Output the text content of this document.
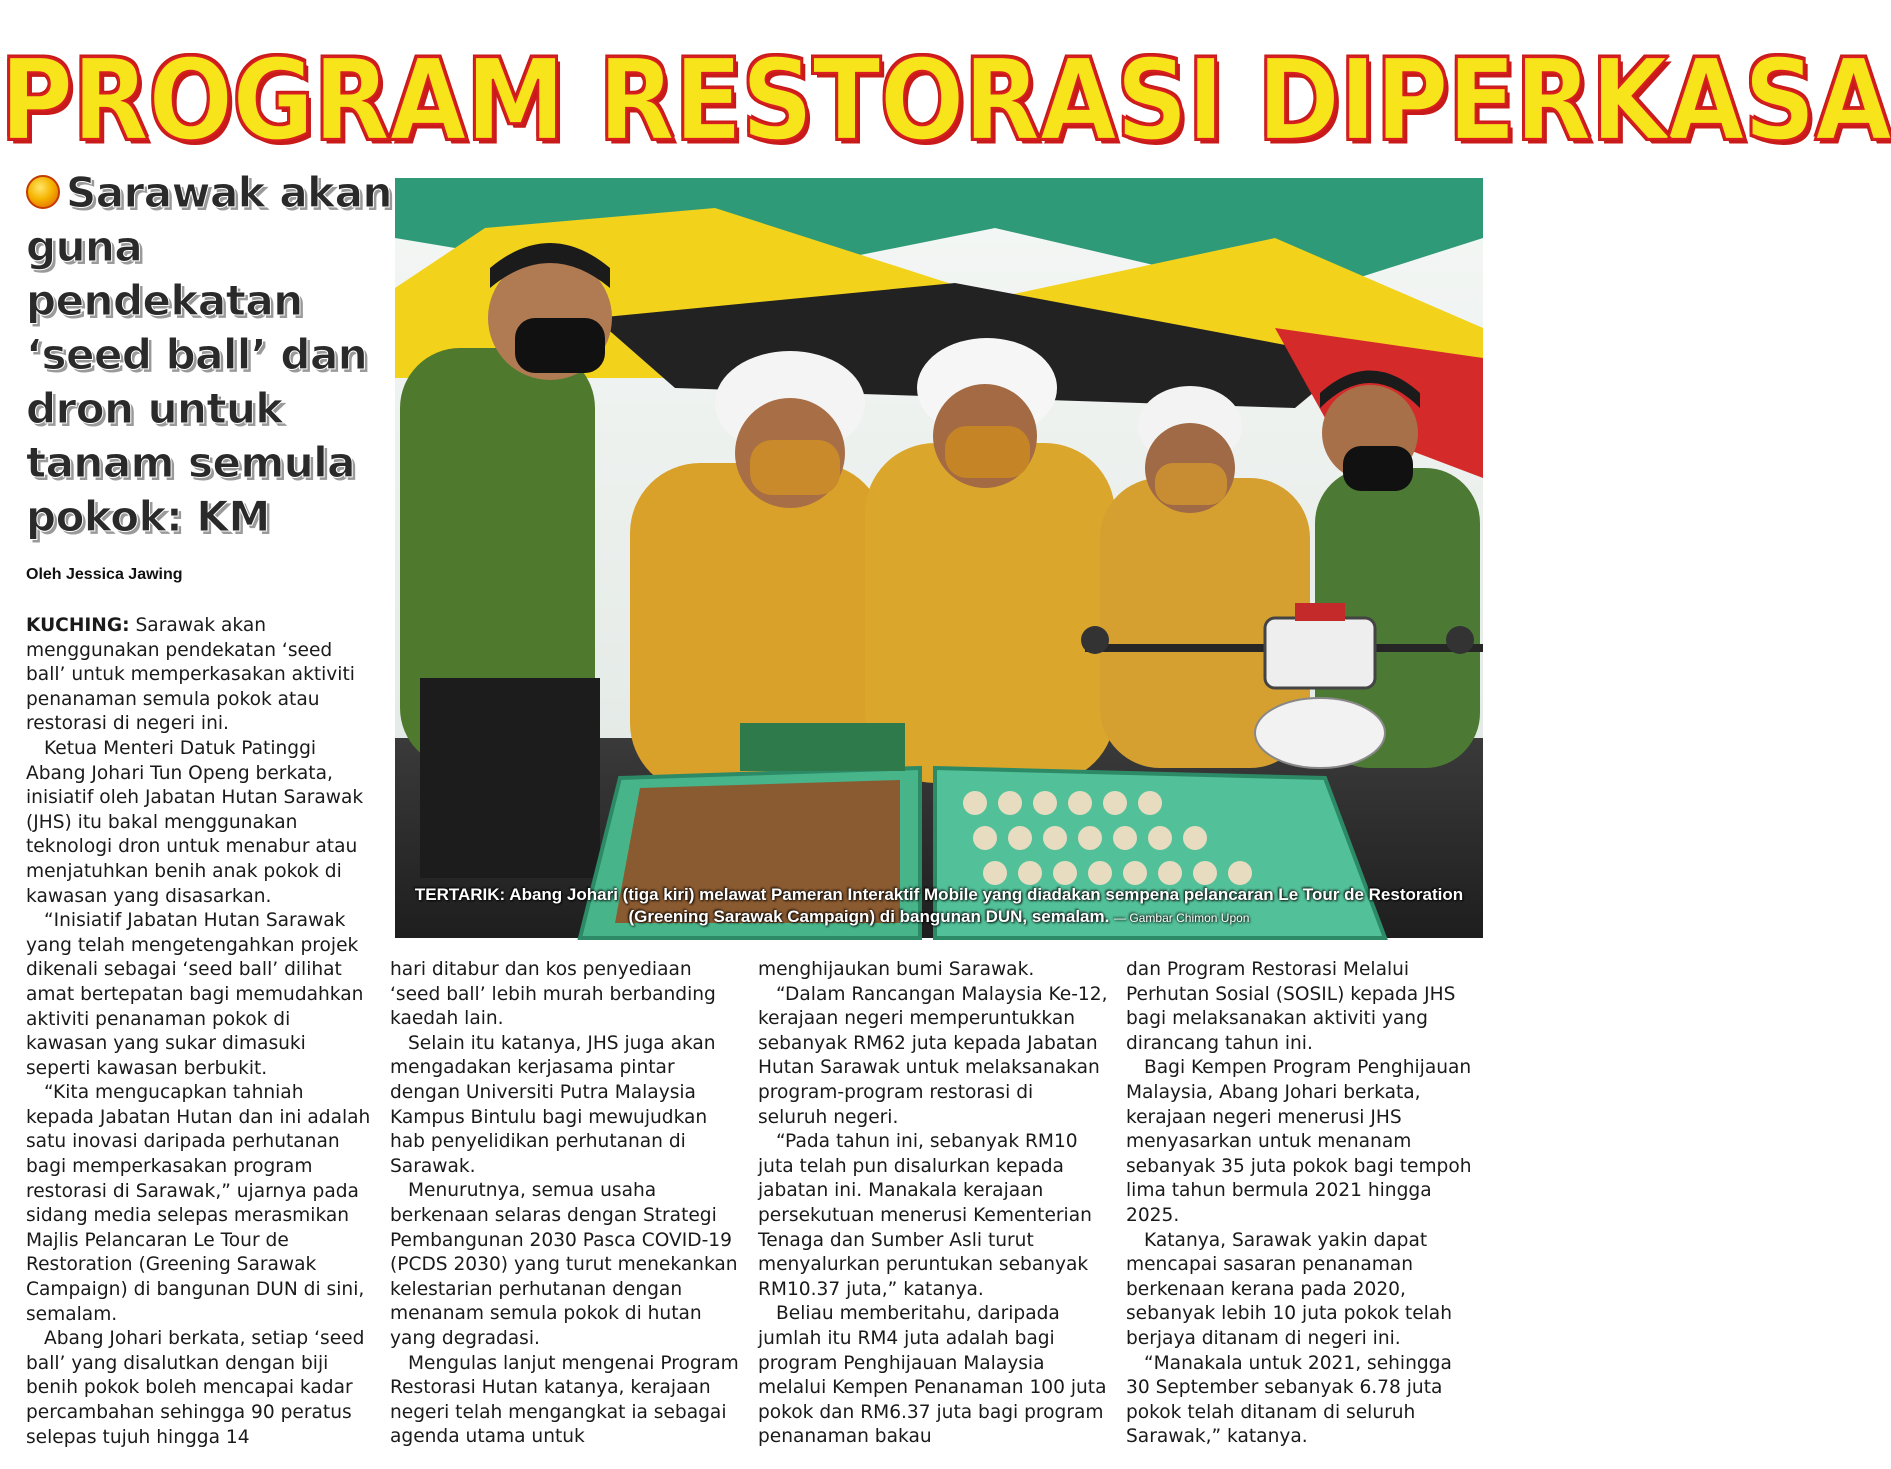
PROGRAM RESTORASI DIPERKASA
Sarawak akan guna pendekatan ‘seed ball’ dan dron untuk tanam semula pokok: KM
Oleh Jessica Jawing
TERTARIK: Abang Johari (tiga kiri) melawat Pameran Interaktif Mobile yang diadakan sempena pelancaran Le Tour de Restoration (Greening Sarawak Campaign) di bangunan DUN, semalam. — Gambar Chimon Upon

KUCHING: Sarawak akan menggunakan pendekatan ‘seed ball’ untuk memperkasakan aktiviti penanaman semula pokok atau restorasi di negeri ini.

Ketua Menteri Datuk Patinggi Abang Johari Tun Openg berkata, inisiatif oleh Jabatan Hutan Sarawak (JHS) itu bakal menggunakan teknologi dron untuk menabur atau menjatuhkan benih anak pokok di kawasan yang disasarkan.

“Inisiatif Jabatan Hutan Sarawak yang telah mengetengahkan projek dikenali sebagai ‘seed ball’ dilihat amat bertepatan bagi memudahkan aktiviti penanaman pokok di kawasan yang sukar dimasuki seperti kawasan berbukit.

“Kita mengucapkan tahniah kepada Jabatan Hutan dan ini adalah satu inovasi daripada perhutanan bagi memperkasakan program restorasi di Sarawak,” ujarnya pada sidang media selepas merasmikan Majlis Pelancaran Le Tour de Restoration (Greening Sarawak Campaign) di bangunan DUN di sini, semalam.

Abang Johari berkata, setiap ‘seed ball’ yang disalutkan dengan biji benih pokok boleh mencapai kadar percambahan sehingga 90 peratus selepas tujuh hingga 14

hari ditabur dan kos penyediaan ‘seed ball’ lebih murah berbanding kaedah lain.

Selain itu katanya, JHS juga akan mengadakan kerjasama pintar dengan Universiti Putra Malaysia Kampus Bintulu bagi mewujudkan hab penyelidikan perhutanan di Sarawak.

Menurutnya, semua usaha berkenaan selaras dengan Strategi Pembangunan 2030 Pasca COVID-19 (PCDS 2030) yang turut menekankan kelestarian perhutanan dengan menanam semula pokok di hutan yang degradasi.

Mengulas lanjut mengenai Program Restorasi Hutan katanya, kerajaan negeri telah mengangkat ia sebagai agenda utama untuk

menghijaukan bumi Sarawak.

“Dalam Rancangan Malaysia Ke-12, kerajaan negeri memperuntukkan sebanyak RM62 juta kepada Jabatan Hutan Sarawak untuk melaksanakan program-program restorasi di seluruh negeri.

“Pada tahun ini, sebanyak RM10 juta telah pun disalurkan kepada jabatan ini. Manakala kerajaan persekutuan menerusi Kementerian Tenaga dan Sumber Asli turut menyalurkan peruntukan sebanyak RM10.37 juta,” katanya.

Beliau memberitahu, daripada jumlah itu RM4 juta adalah bagi program Penghijauan Malaysia melalui Kempen Penanaman 100 juta pokok dan RM6.37 juta bagi program penanaman bakau

dan Program Restorasi Melalui Perhutan Sosial (SOSIL) kepada JHS bagi melaksanakan aktiviti yang dirancang tahun ini.

Bagi Kempen Program Penghijauan Malaysia, Abang Johari berkata, kerajaan negeri menerusi JHS menyasarkan untuk menanam sebanyak 35 juta pokok bagi tempoh lima tahun bermula 2021 hingga 2025.

Katanya, Sarawak yakin dapat mencapai sasaran penanaman berkenaan kerana pada 2020, sebanyak lebih 10 juta pokok telah berjaya ditanam di negeri ini.

“Manakala untuk 2021, sehingga 30 September sebanyak 6.78 juta pokok telah ditanam di seluruh Sarawak,” katanya.
